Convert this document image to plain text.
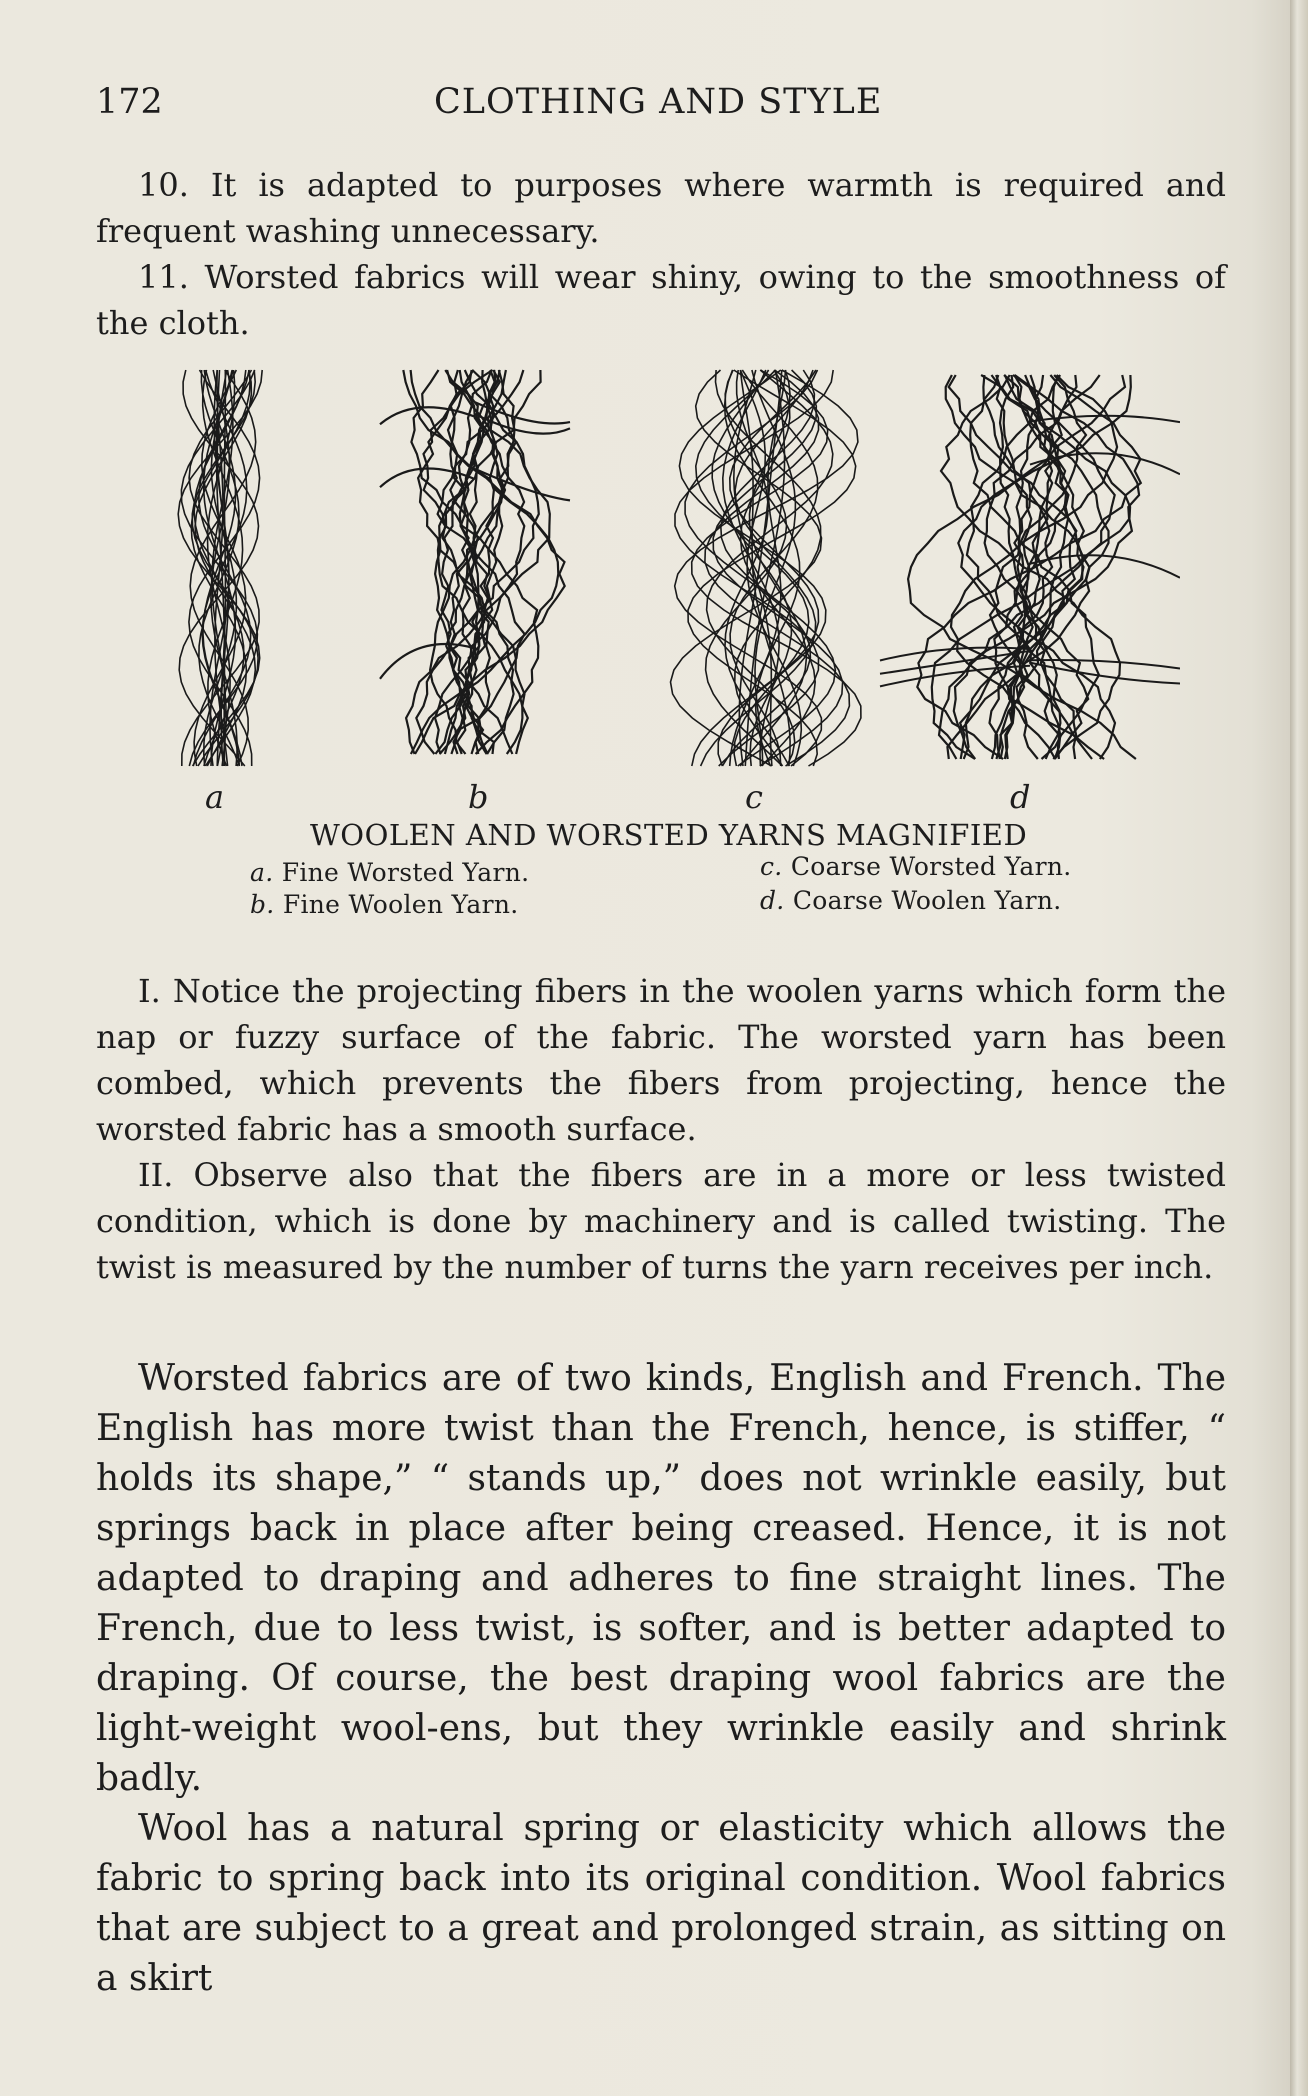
172	CLOTHING AND STYLE

10. It is adapted to purposes where warmth is required and frequent washing unnecessary.

11. Worsted fabrics will wear shiny, owing to the smoothness of the cloth.

a	b	c	d
WOOLEN AND WORSTED YARNS MAGNIFIED
a. Fine Worsted Yarn.
b. Fine Woolen Yarn.
c. Coarse Worsted Yarn.
d. Coarse Woolen Yarn.

I. Notice the projecting fibers in the woolen yarns which form the nap or fuzzy surface of the fabric. The worsted yarn has been combed, which prevents the fibers from projecting, hence the worsted fabric has a smooth surface.

II. Observe also that the fibers are in a more or less twisted condition, which is done by machinery and is called twisting. The twist is measured by the number of turns the yarn receives per inch.

Worsted fabrics are of two kinds, English and French. The English has more twist than the French, hence, is stiffer, “ holds its shape,” “ stands up,” does not wrinkle easily, but springs back in place after being creased. Hence, it is not adapted to draping and adheres to fine straight lines. The French, due to less twist, is softer, and is better adapted to draping. Of course, the best draping wool fabrics are the light-weight wool-ens, but they wrinkle easily and shrink badly.

Wool has a natural spring or elasticity which allows the fabric to spring back into its original condition. Wool fabrics that are subject to a great and prolonged strain, as sitting on a skirt
